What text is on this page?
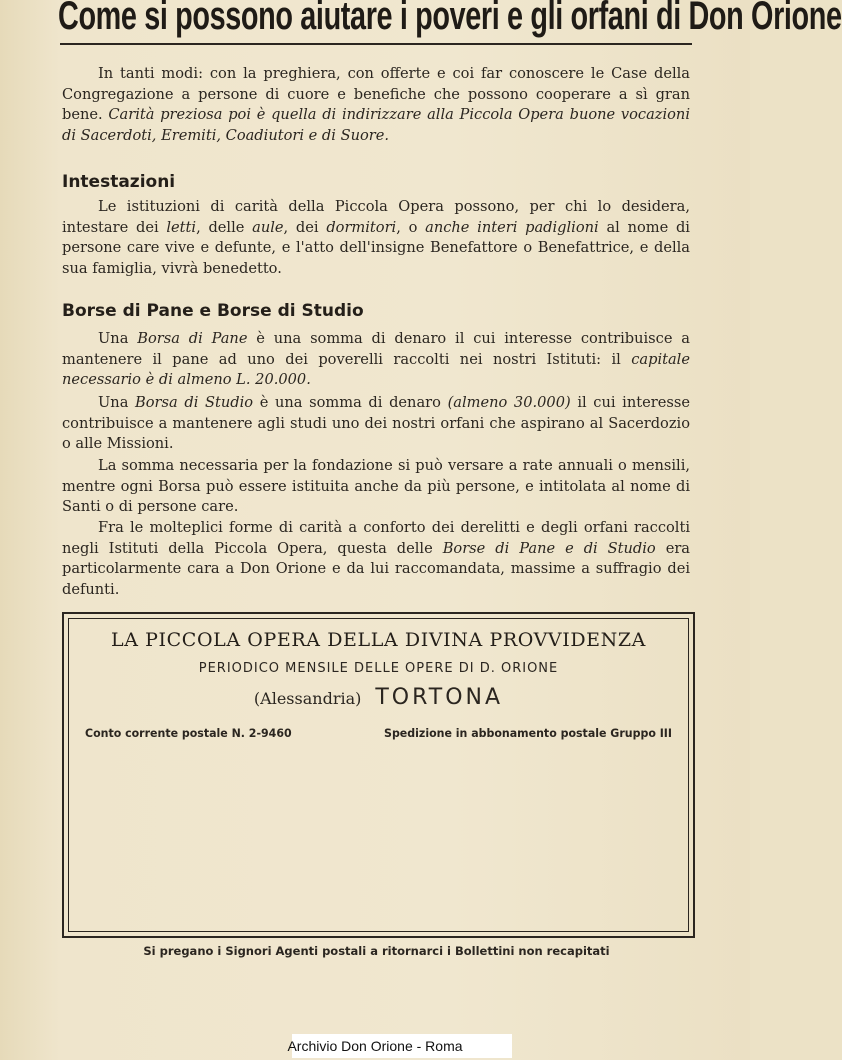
Come si possono aiutare i poveri e gli orfani di Don Orione

In tanti modi: con la preghiera, con offerte e coi far conoscere le Case della Congregazione a persone di cuore e benefiche che possono cooperare a sì gran bene. Carità preziosa poi è quella di indirizzare alla Piccola Opera buone vocazioni di Sacerdoti, Eremiti, Coadiutori e di Suore.

Intestazioni

Le istituzioni di carità della Piccola Opera possono, per chi lo desidera, intestare dei letti, delle aule, dei dormitori, o anche interi padiglioni al nome di persone care vive e defunte, e l'atto dell'insigne Benefattore o Benefattrice, e della sua famiglia, vivrà benedetto.

Borse di Pane e Borse di Studio

Una Borsa di Pane è una somma di denaro il cui interesse contribuisce a mantenere il pane ad uno dei poverelli raccolti nei nostri Istituti: il capitale necessario è di almeno L. 20.000.

Una Borsa di Studio è una somma di denaro (almeno 30.000) il cui interesse contribuisce a mantenere agli studi uno dei nostri orfani che aspirano al Sacerdozio o alle Missioni.

La somma necessaria per la fondazione si può versare a rate annuali o mensili, mentre ogni Borsa può essere istituita anche da più persone, e intitolata al nome di Santi o di persone care.

Fra le molteplici forme di carità a conforto dei derelitti e degli orfani raccolti negli Istituti della Piccola Opera, questa delle Borse di Pane e di Studio era particolarmente cara a Don Orione e da lui raccomandata, massime a suffragio dei defunti.

LA PICCOLA OPERA DELLA DIVINA PROVVIDENZA
PERIODICO MENSILE DELLE OPERE DI D. ORIONE
(Alessandria) TORTONA
Conto corrente postale N. 2-9460	Spedizione in abbonamento postale Gruppo III
Si pregano i Signori Agenti postali a ritornarci i Bollettini non recapitati
Archivio Don Orione - Roma
